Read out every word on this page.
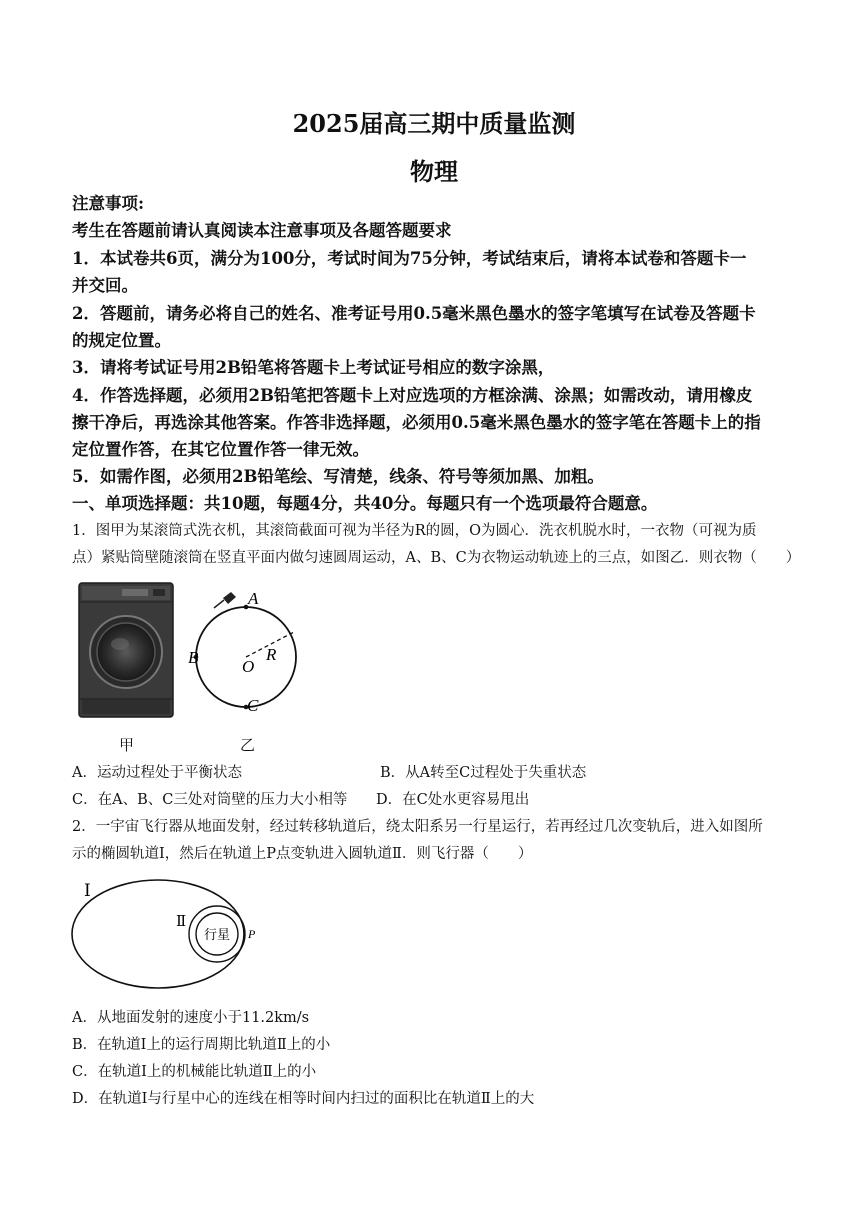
2025届高三期中质量监测
物理
注意事项:
考生在答题前请认真阅读本注意事项及各题答题要求
1．本试卷共6页，满分为100分，考试时间为75分钟，考试结束后，请将本试卷和答题卡一
并交回。
2．答题前，请务必将自己的姓名、准考证号用0.5毫米黑色墨水的签字笔填写在试卷及答题卡
的规定位置。
3．请将考试证号用2B铅笔将答题卡上考试证号相应的数字涂黑，
4．作答选择题，必须用2B铅笔把答题卡上对应选项的方框涂满、涂黑；如需改动，请用橡皮
擦干净后，再选涂其他答案。作答非选择题，必须用0.5毫米黑色墨水的签字笔在答题卡上的指
定位置作答，在其它位置作答一律无效。
5．如需作图，必须用2B铅笔绘、写清楚，线条、符号等须加黑、加粗。
一、单项选择题：共10题，每题4分，共40分。每题只有一个选项最符合题意。
1．图甲为某滚筒式洗衣机，其滚筒截面可视为半径为R的圆，O为圆心．洗衣机脱水时，一衣物（可视为质
点）紧贴筒壁随滚筒在竖直平面内做匀速圆周运动，A、B、C为衣物运动轨迹上的三点，如图乙．则衣物（　　）
A
B
C
O
R
甲	乙
A．运动过程处于平衡状态	B．从A转至C过程处于失重状态
C．在A、B、C三处对筒壁的压力大小相等 D．在C处水更容易甩出
2．一宇宙飞行器从地面发射，经过转移轨道后，绕太阳系另一行星运行，若再经过几次变轨后，进入如图所
示的椭圆轨道Ⅰ，然后在轨道上P点变轨进入圆轨道Ⅱ．则飞行器（　　）
Ⅰ
Ⅱ
行星 P
A．从地面发射的速度小于11.2km/s
B．在轨道Ⅰ上的运行周期比轨道Ⅱ上的小
C．在轨道Ⅰ上的机械能比轨道Ⅱ上的小
D．在轨道Ⅰ与行星中心的连线在相等时间内扫过的面积比在轨道Ⅱ上的大
